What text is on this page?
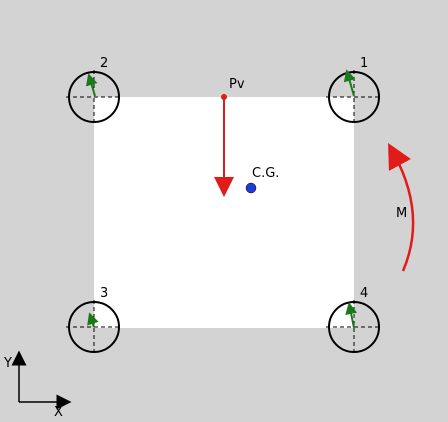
2	1
3	4
Pv
C.G.
M
Y
X
